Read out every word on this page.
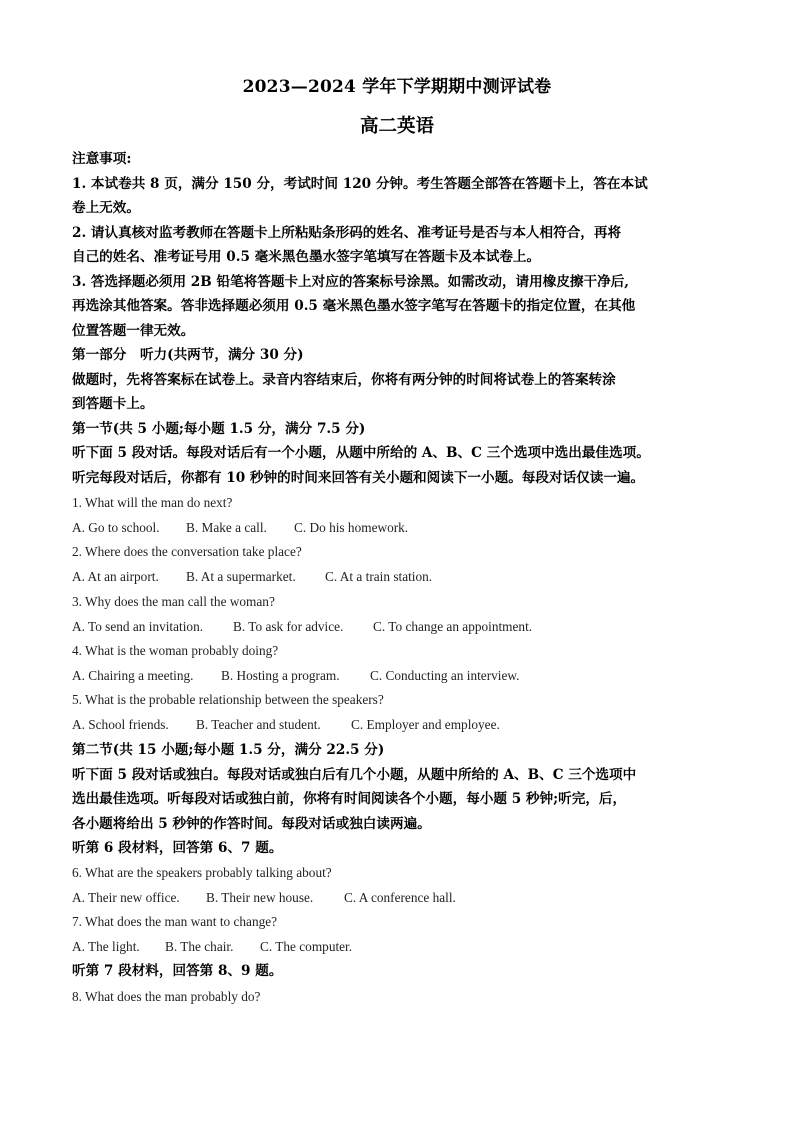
2023—2024 学年下学期期中测评试卷
高二英语
注意事项:
1. 本试卷共 8 页，满分 150 分，考试时间 120 分钟。考生答题全部答在答题卡上，答在本试
卷上无效。
2. 请认真核对监考教师在答题卡上所粘贴条形码的姓名、准考证号是否与本人相符合，再将
自己的姓名、准考证号用 0.5 毫米黑色墨水签字笔填写在答题卡及本试卷上。
3. 答选择题必须用 2B 铅笔将答题卡上对应的答案标号涂黑。如需改动，请用橡皮擦干净后,
再选涂其他答案。答非选择题必须用 0.5 毫米黑色墨水签字笔写在答题卡的指定位置，在其他
位置答题一律无效。
第一部分　听力(共两节，满分 30 分)
做题时，先将答案标在试卷上。录音内容结束后，你将有两分钟的时间将试卷上的答案转涂
到答题卡上。
第一节(共 5 小题;每小题 1.5 分，满分 7.5 分)
听下面 5 段对话。每段对话后有一个小题，从题中所给的 A、B、C 三个选项中选出最佳选项。
听完每段对话后，你都有 10 秒钟的时间来回答有关小题和阅读下一小题。每段对话仅读一遍。
1. What will the man do next?
A. Go to school. B. Make a call. C. Do his homework.
2. Where does the conversation take place?
A. At an airport. B. At a supermarket. C. At a train station.
3. Why does the man call the woman?
A. To send an invitation. B. To ask for advice. C. To change an appointment.
4. What is the woman probably doing?
A. Chairing a meeting. B. Hosting a program. C. Conducting an interview.
5. What is the probable relationship between the speakers?
A. School friends. B. Teacher and student. C. Employer and employee.
第二节(共 15 小题;每小题 1.5 分，满分 22.5 分)
听下面 5 段对话或独白。每段对话或独白后有几个小题，从题中所给的 A、B、C 三个选项中
选出最佳选项。听每段对话或独白前，你将有时间阅读各个小题，每小题 5 秒钟;听完，后，
各小题将给出 5 秒钟的作答时间。每段对话或独白读两遍。
听第 6 段材料，回答第 6、7 题。
6. What are the speakers probably talking about?
A. Their new office. B. Their new house. C. A conference hall.
7. What does the man want to change?
A. The light. B. The chair. C. The computer.
听第 7 段材料，回答第 8、9 题。
8. What does the man probably do?
